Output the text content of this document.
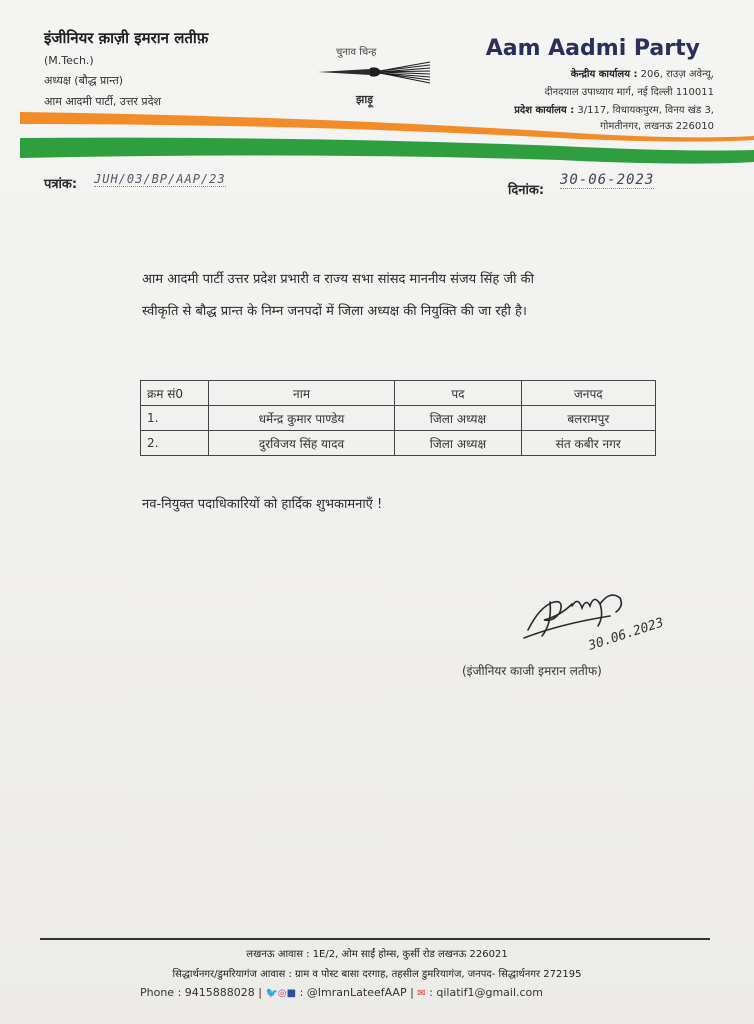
इंजीनियर क़ाज़ी इमरान लतीफ़
(M.Tech.)
अध्यक्ष (बौद्ध प्रान्त)
आम आदमी पार्टी, उत्तर प्रदेश
चुनाव चिन्ह
झाड़ू
Aam Aadmi Party
केन्द्रीय कार्यालय : 206, राउज़ अवेन्यू,
दीनदयाल उपाध्याय मार्ग, नई दिल्ली 110011
प्रदेश कार्यालय : 3/117, विधायकपुरम, विनय खंड 3,
गोमतीनगर, लखनऊ 226010
पत्रांक: JUH/03/BP/AAP/23
दिनांक:
30-06-2023
आम आदमी पार्टी उत्तर प्रदेश प्रभारी व राज्य सभा सांसद माननीय संजय सिंह जी की
स्वीकृति से बौद्ध प्रान्त के निम्न जनपदों में जिला अध्यक्ष की नियुक्ति की जा रही है।
क्रम सं0	नाम	पद	जनपद
1.	धर्मेन्द्र कुमार पाण्डेय	जिला अध्यक्ष	बलरामपुर
2.	दुरविजय सिंह यादव	जिला अध्यक्ष	संत कबीर नगर
नव-नियुक्त पदाधिकारियों को हार्दिक शुभकामनाएँ !
30.06.2023
(इंजीनियर काजी इमरान लतीफ)
लखनऊ आवास : 1E/2, ओम साईं होम्स, कुर्सी रोड लखनऊ 226021
सिद्धार्थनगर/डुमरियागंज आवास : ग्राम व पोस्ट बासा दरगाह, तहसील डुमरियागंज, जनपद- सिद्धार्थनगर 272195
Phone : 9415888028 | 🐦◎■ : @ImranLateefAAP | ✉ : qilatif1@gmail.com
